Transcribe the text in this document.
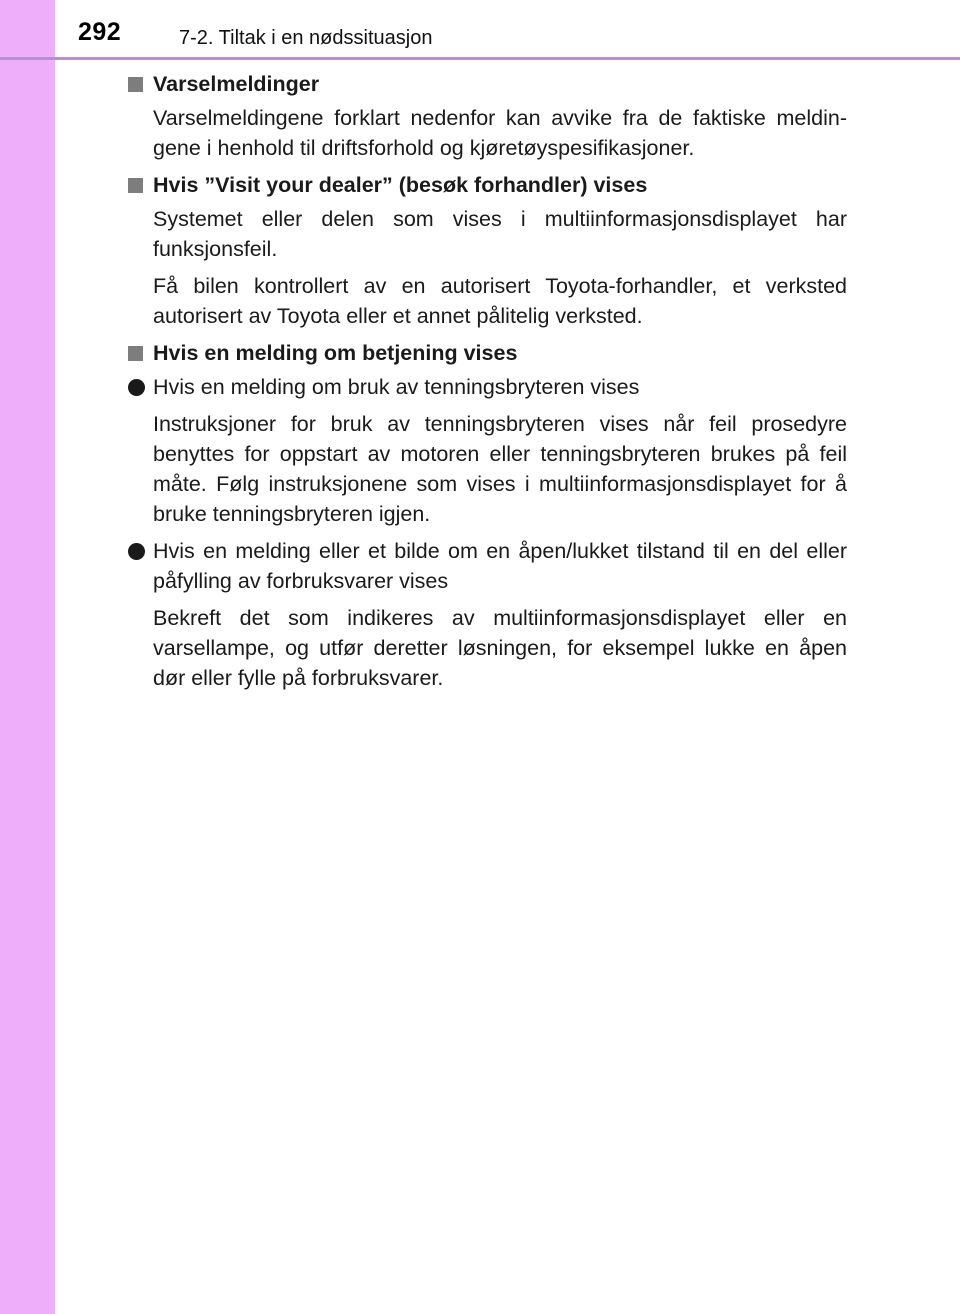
292	7-2. Tiltak i en nødssituasjon
Varselmeldinger
Varselmeldingene forklart nedenfor kan avvike fra de faktiske meldingene i henhold til driftsforhold og kjøretøyspesifikasjoner.
Hvis ”Visit your dealer” (besøk forhandler) vises
Systemet eller delen som vises i multiinformasjonsdisplayet har funksjonsfeil.
Få bilen kontrollert av en autorisert Toyota-forhandler, et verksted autorisert av Toyota eller et annet pålitelig verksted.
Hvis en melding om betjening vises
Hvis en melding om bruk av tenningsbryteren vises
Instruksjoner for bruk av tenningsbryteren vises når feil prosedyre benyttes for oppstart av motoren eller tenningsbryteren brukes på feil måte. Følg instruksjonene som vises i multiinformasjonsdisplayet for å bruke tenningsbryteren igjen.
Hvis en melding eller et bilde om en åpen/lukket tilstand til en del eller påfylling av forbruksvarer vises
Bekreft det som indikeres av multiinformasjonsdisplayet eller en varsellampe, og utfør deretter løsningen, for eksempel lukke en åpen dør eller fylle på forbruksvarer.
